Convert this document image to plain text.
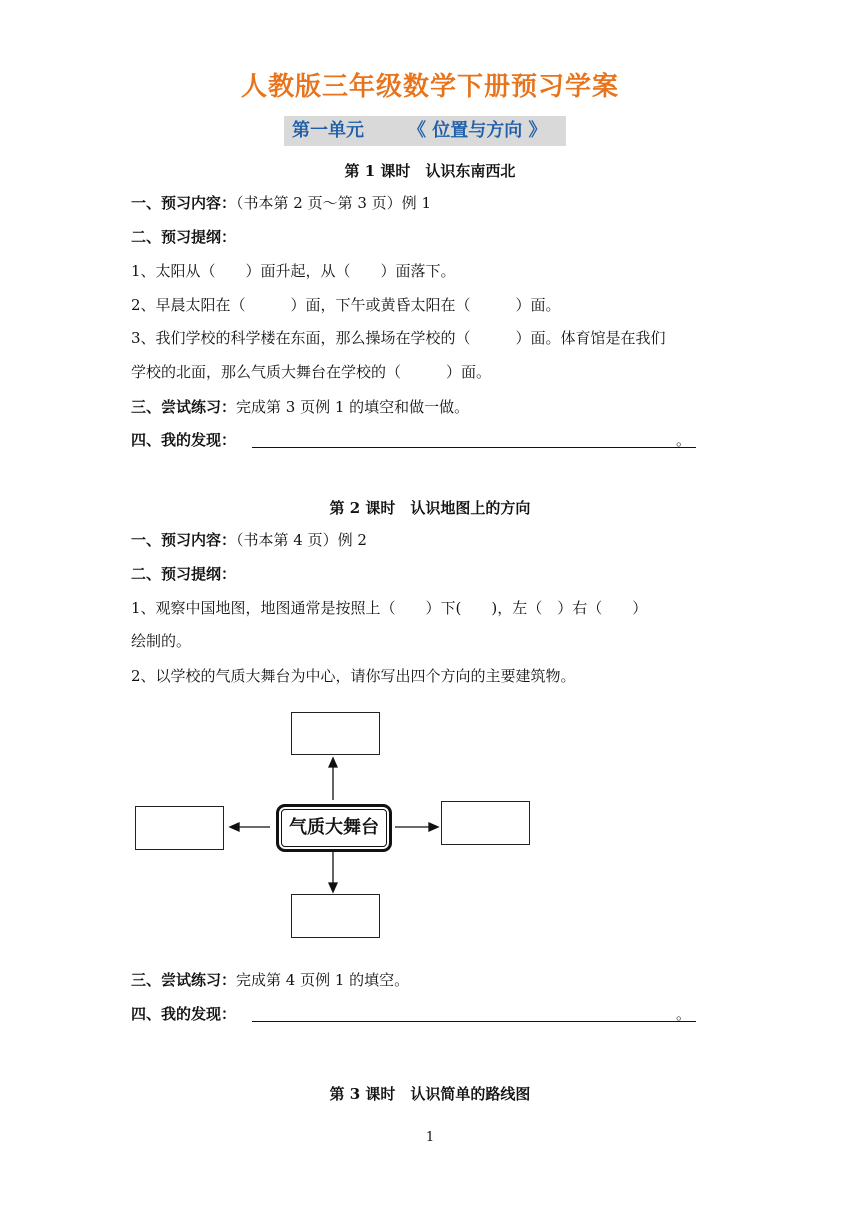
人教版三年级数学下册预习学案
第一单元 《 位置与方向 》
第 1 课时　认识东南西北
一、预习内容：（书本第 2 页～第 3 页）例 1
二、预习提纲：
1、太阳从（　　）面升起，从（　　）面落下。
2、早晨太阳在（　　　）面，下午或黄昏太阳在（　　　）面。
3、我们学校的科学楼在东面，那么操场在学校的（　　　）面。体育馆是在我们
学校的北面，那么气质大舞台在学校的（　　　）面。
三、尝试练习：完成第 3 页例 1 的填空和做一做。
四、我的发现：	。
第 2 课时　认识地图上的方向
一、预习内容：（书本第 4 页）例 2
二、预习提纲：
1、观察中国地图，地图通常是按照上（　　）下(　　)，左（　）右（　　）
绘制的。
2、以学校的气质大舞台为中心，请你写出四个方向的主要建筑物。
气质大舞台
三、尝试练习：完成第 4 页例 1 的填空。
四、我的发现：	。
第 3 课时　认识简单的路线图
1
